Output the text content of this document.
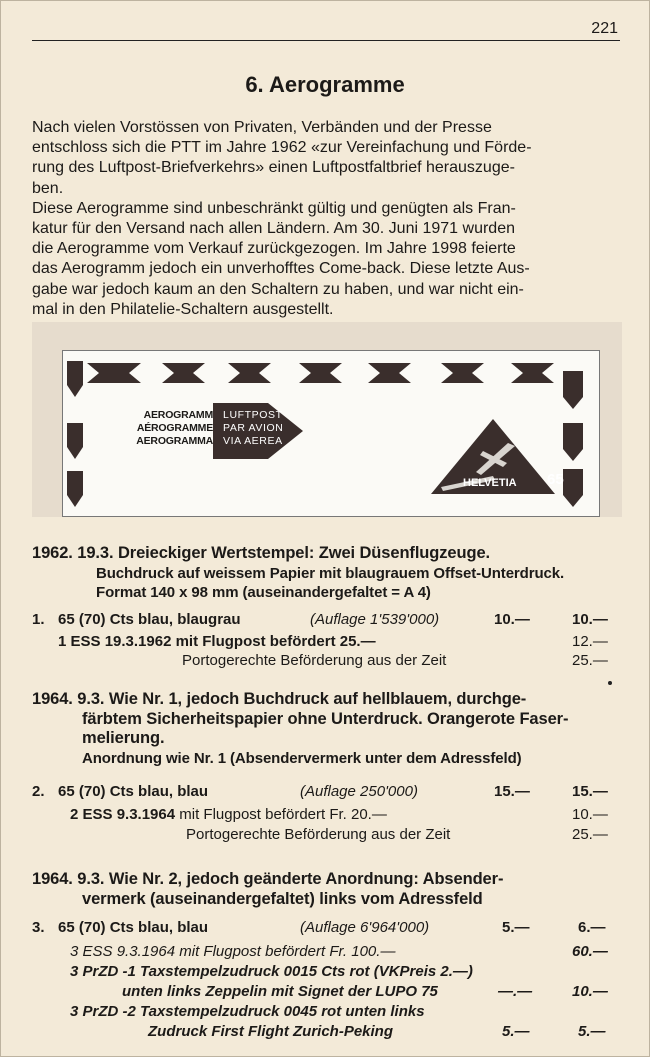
221
6. Aerogramme

Nach vielen Vorstössen von Privaten, Verbänden und der Presse

entschloss sich die PTT im Jahre 1962 «zur Vereinfachung und Förde-

rung des Luftpost-Briefverkehrs» einen Luftpostfaltbrief herauszuge-

ben.

Diese Aerogramme sind unbeschränkt gültig und genügten als Fran-

katur für den Versand nach allen Ländern. Am 30. Juni 1971 wurden

die Aerogramme vom Verkauf zurückgezogen. Im Jahre 1998 feierte

das Aerogramm jedoch ein unverhofftes Come-back. Diese letzte Aus-

gabe war jedoch kaum an den Schaltern zu haben, und war nicht ein-

mal in den Philatelie-Schaltern ausgestellt.

AEROGRAMM
AÉROGRAMME
AEROGRAMMA
LUFTPOST
PAR AVION
VIA AEREA
HELVETIA 65
1962. 19.3. Dreieckiger Wertstempel: Zwei Düsenflugzeuge.
Buchdruck auf weissem Papier mit blaugrauem Offset-Unterdruck.
Format 140 x 98 mm (auseinandergefaltet = A 4)
1. 65 (70) Cts blau, blaugrau	(Auflage 1'539'000)	10.—	10.—
1 ESS 19.3.1962 mit Flugpost befördert 25.—	12.—
Portogerechte Beförderung aus der Zeit	25.—
1964. 9.3. Wie Nr. 1, jedoch Buchdruck auf hellblauem, durchge-
färbtem Sicherheitspapier ohne Unterdruck. Orangerote Faser-
melierung.
Anordnung wie Nr. 1 (Absendervermerk unter dem Adressfeld)
2. 65 (70) Cts blau, blau	(Auflage 250'000)	15.—	15.—
2 ESS 9.3.1964 mit Flugpost befördert Fr. 20.—	10.—
Portogerechte Beförderung aus der Zeit	25.—
1964. 9.3. Wie Nr. 2, jedoch geänderte Anordnung: Absender-
vermerk (auseinandergefaltet) links vom Adressfeld
3. 65 (70) Cts blau, blau	(Auflage 6'964'000)	5.—	6.—
3 ESS 9.3.1964 mit Flugpost befördert Fr. 100.—	60.—
3 PrZD -1 Taxstempelzudruck 0015 Cts rot (VKPreis 2.—)
unten links Zeppelin mit Signet der LUPO 75	—.—	10.—
3 PrZD -2 Taxstempelzudruck 0045 rot unten links
Zudruck First Flight Zurich-Peking	5.—	5.—
